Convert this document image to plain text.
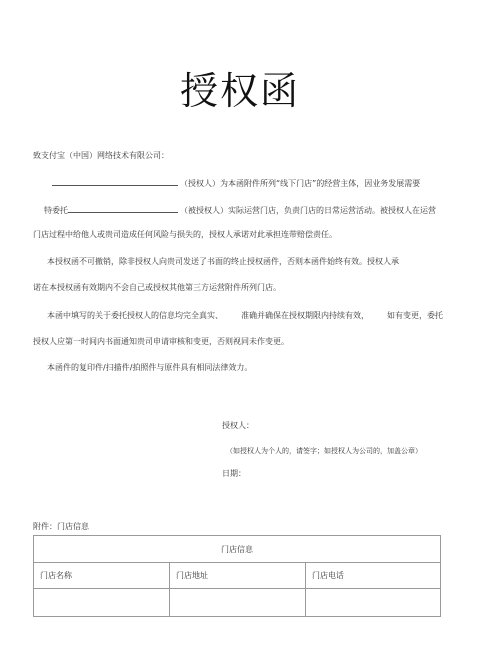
授权函
致支付宝（中国）网络技术有限公司：
（授权人）为本函附件所列“线下门店”的经营主体，因业务发展需要
特委托	（被授权人）实际运营门店，负责门店的日常运营活动。被授权人在运营
门店过程中给他人或贵司造成任何风险与损失的，授权人承诺对此承担连带赔偿责任。
本授权函不可撤销，除非授权人向贵司发送了书面的终止授权函件，否则本函件始终有效。授权人承
诺在本授权函有效期内不会自己或授权其他第三方运营附件所列门店。
本函中填写的关于委托授权人的信息均完全真实、 准确并确保在授权期限内持续有效， 如有变更，委托
授权人应第一时间内书面通知贵司申请审核和变更，否则视同未作变更。
本函件的复印件/扫描件/拍照件与原件具有相同法律效力。
授权人：
（如授权人为个人的，请签字；如授权人为公司的，加盖公章）
日期：
附件：门店信息
门店信息		
门店名称	门店地址	门店电话
